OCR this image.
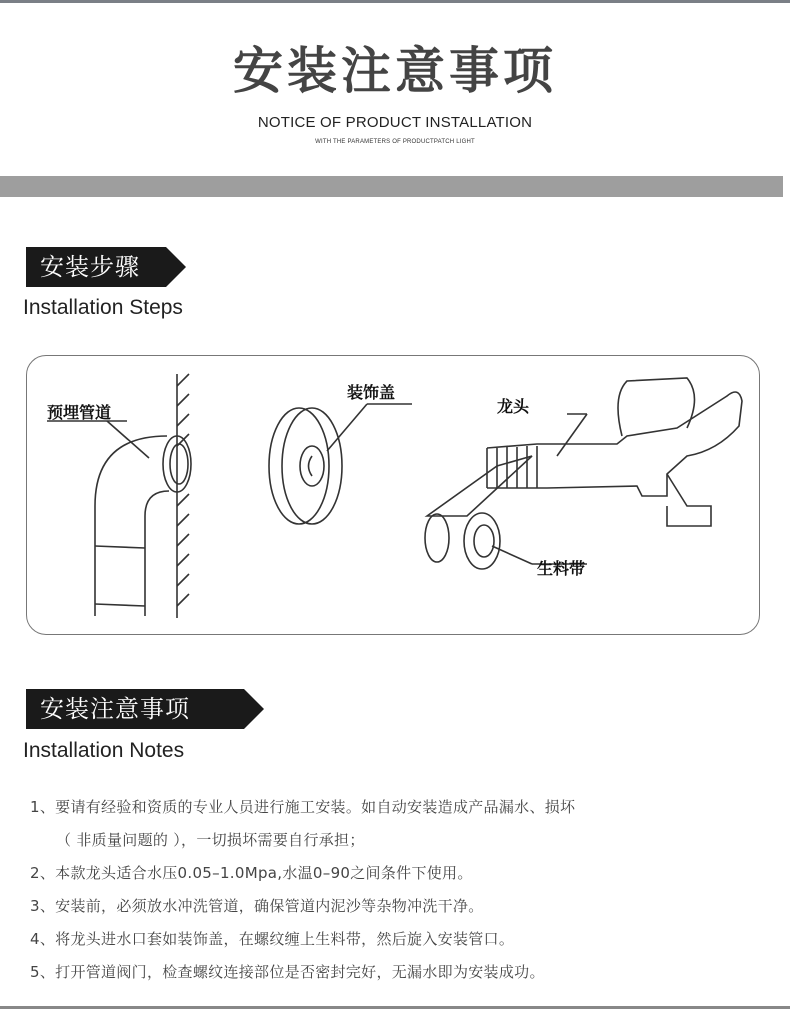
安装注意事项
NOTICE OF PRODUCT INSTALLATION
WITH THE PARAMETERS OF PRODUCTPATCH LIGHT
安装步骤
Installation Steps
预埋管道
装饰盖
龙头
生料带
安装注意事项
Installation Notes
1、要请有经验和资质的专业人员进行施工安装。如自动安装造成产品漏水、损坏
（ 非质量问题的 ），一切损坏需要自行承担；
2、本款龙头适合水压0.05–1.0Mpa,水温0–90之间条件下使用。
3、安装前，必须放水冲洗管道，确保管道内泥沙等杂物冲洗干净。
4、将龙头进水口套如装饰盖，在螺纹缠上生料带，然后旋入安装管口。
5、打开管道阀门，检查螺纹连接部位是否密封完好，无漏水即为安装成功。
